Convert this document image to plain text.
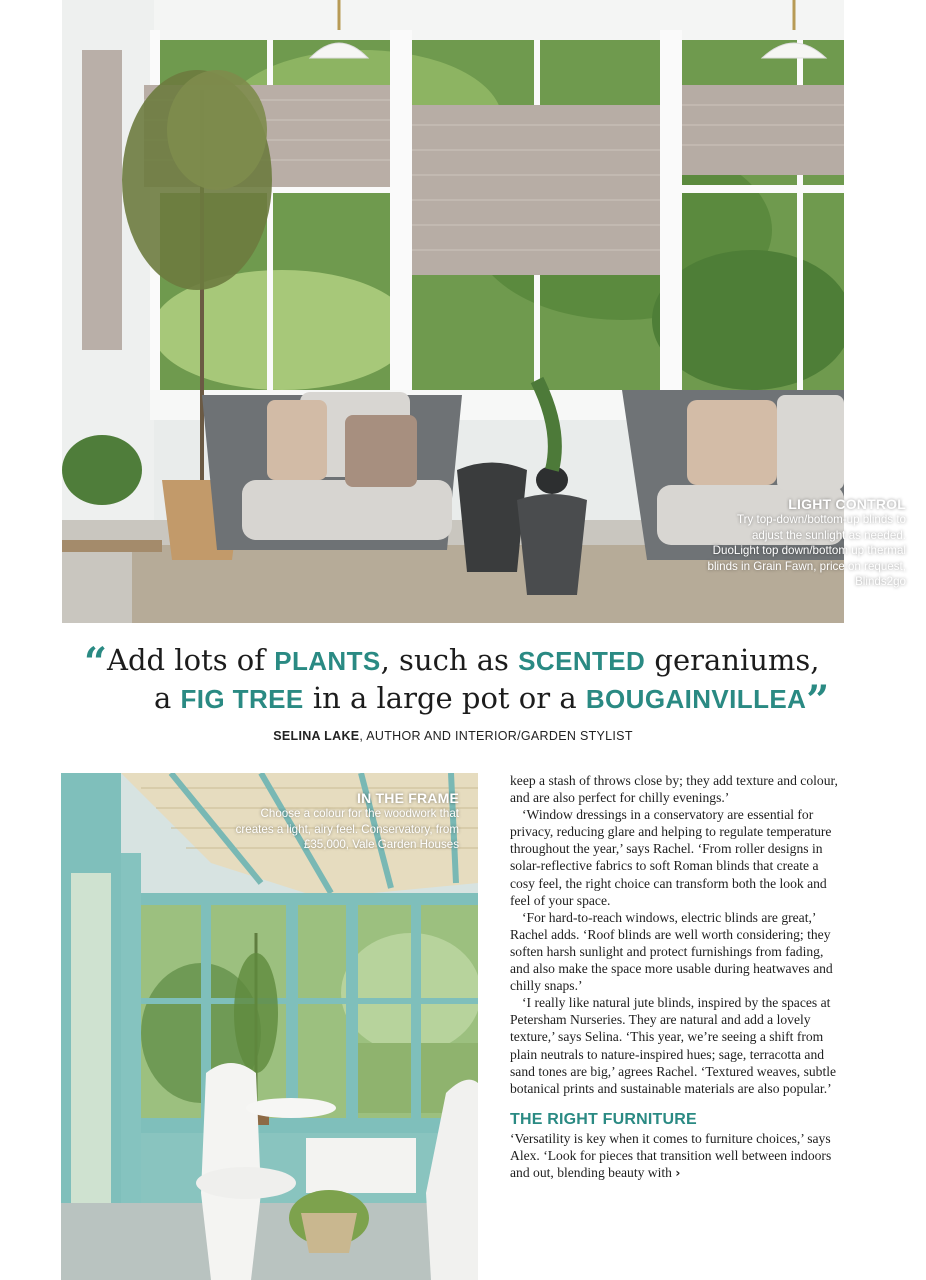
LIGHT CONTROL
Try top-down/bottom-up blinds to adjust the sunlight as needed. DuoLight top down/bottom up thermal blinds in Grain Fawn, price on request, Blinds2go
“Add lots of PLANTS, such as SCENTED geraniums,
a FIG TREE in a large pot or a BOUGAINVILLEA”
SELINA LAKE, AUTHOR AND INTERIOR/GARDEN STYLIST
IN THE FRAME
Choose a colour for the woodwork that creates a light, airy feel. Conservatory, from £35,000, Vale Garden Houses

keep a stash of throws close by; they add texture and colour, and are also perfect for chilly evenings.’

‘Window dressings in a conservatory are essential for privacy, reducing glare and helping to regulate temperature throughout the year,’ says Rachel. ‘From roller designs in solar-reflective fabrics to soft Roman blinds that create a cosy feel, the right choice can transform both the look and feel of your space.

‘For hard-to-reach windows, electric blinds are great,’ Rachel adds. ‘Roof blinds are well worth considering; they soften harsh sunlight and protect furnishings from fading, and also make the space more usable during heatwaves and chilly snaps.’

‘I really like natural jute blinds, inspired by the spaces at Petersham Nurseries. They are natural and add a lovely texture,’ says Selina. ‘This year, we’re seeing a shift from plain neutrals to nature-inspired hues; sage, terracotta and sand tones are big,’ agrees Rachel. ‘Textured weaves, subtle botanical prints and sustainable materials are also popular.’

THE RIGHT FURNITURE

‘Versatility is key when it comes to furniture choices,’ says Alex. ‘Look for pieces that transition well between indoors and out, blending beauty with ›
